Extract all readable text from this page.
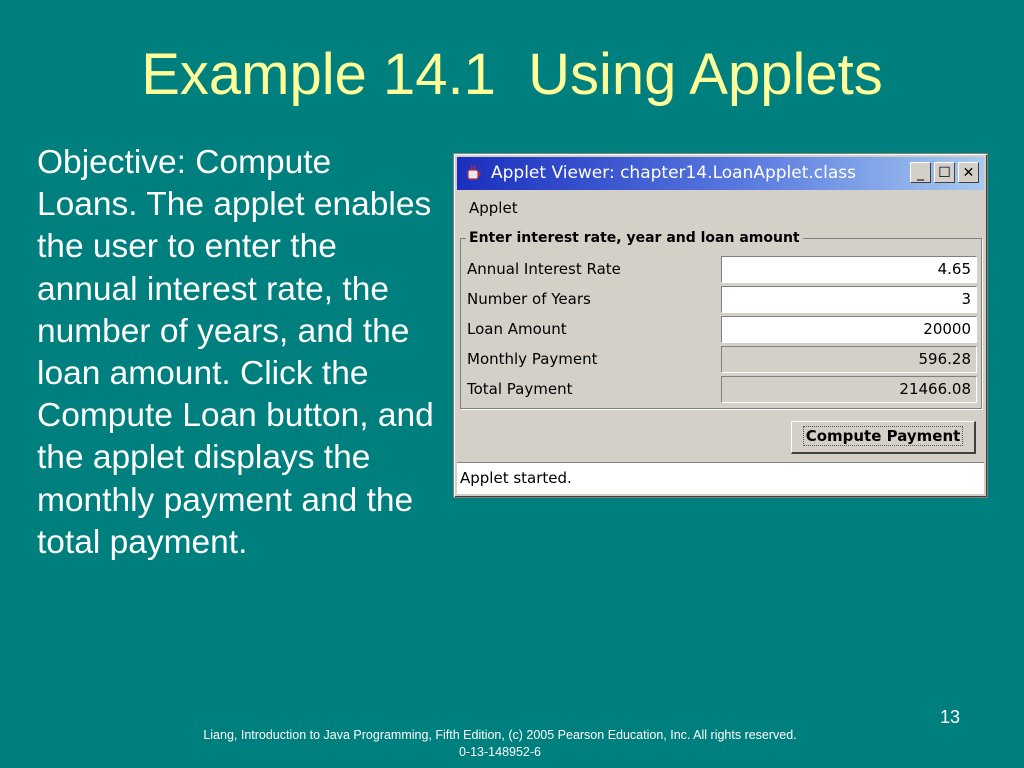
Example 14.1  Using Applets
Objective: Compute Loans. The applet enables the user to enter the annual interest rate, the number of years, and the loan amount. Click the Compute Loan button, and the applet displays the monthly payment and the total payment.
Applet Viewer: chapter14.LoanApplet.class	_	☐ ✕
Applet
Enter interest rate, year and loan amount
Annual Interest Rate	4.65
Number of Years	3
Loan Amount	20000
Monthly Payment	596.28
Total Payment	21466.08
Compute Payment
Applet started.
13
Liang, Introduction to Java Programming, Fifth Edition, (c) 2005 Pearson Education, Inc. All rights reserved. 0-13-148952-6
